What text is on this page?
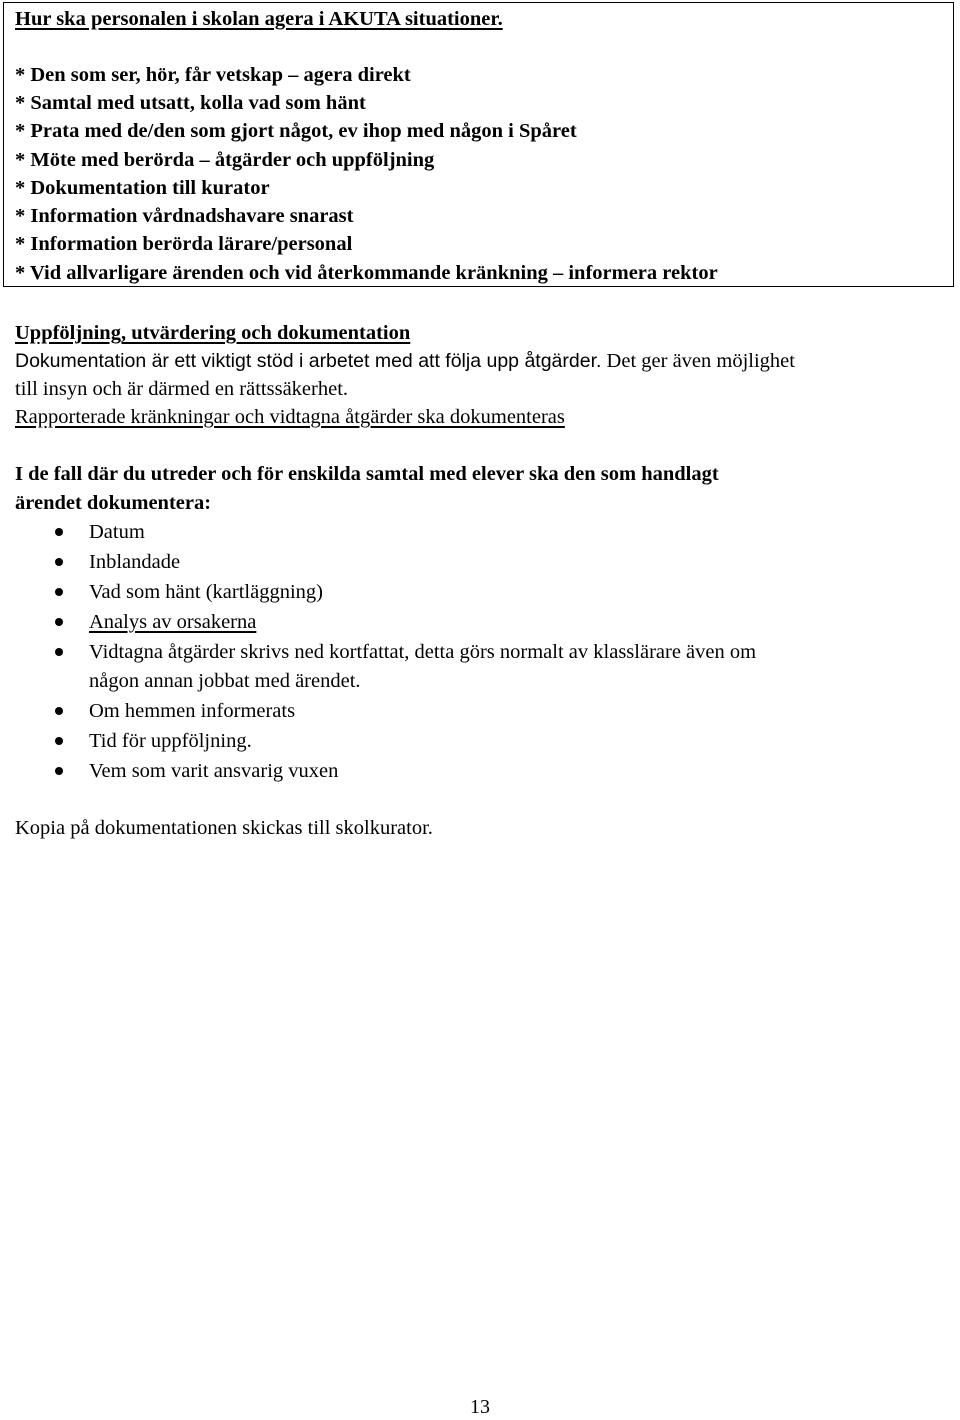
Hur ska personalen i skolan agera i AKUTA situationer.
* Den som ser, hör, får vetskap – agera direkt
* Samtal med utsatt, kolla vad som hänt
* Prata med de/den som gjort något, ev ihop med någon i Spåret
* Möte med berörda – åtgärder och uppföljning
* Dokumentation till kurator
* Information vårdnadshavare snarast
* Information berörda lärare/personal
* Vid allvarligare ärenden och vid återkommande kränkning – informera rektor
Uppföljning, utvärdering och dokumentation
Dokumentation är ett viktigt stöd i arbetet med att följa upp åtgärder. Det ger även möjlighet
till insyn och är därmed en rättssäkerhet.
Rapporterade kränkningar och vidtagna åtgärder ska dokumenteras
I de fall där du utreder och för enskilda samtal med elever ska den som handlagt
ärendet dokumentera:
Datum
Inblandade
Vad som hänt (kartläggning)
Analys av orsakerna
Vidtagna åtgärder skrivs ned kortfattat, detta görs normalt av klasslärare även om
någon annan jobbat med ärendet.
Om hemmen informerats
Tid för uppföljning.
Vem som varit ansvarig vuxen
Kopia på dokumentationen skickas till skolkurator.
13
